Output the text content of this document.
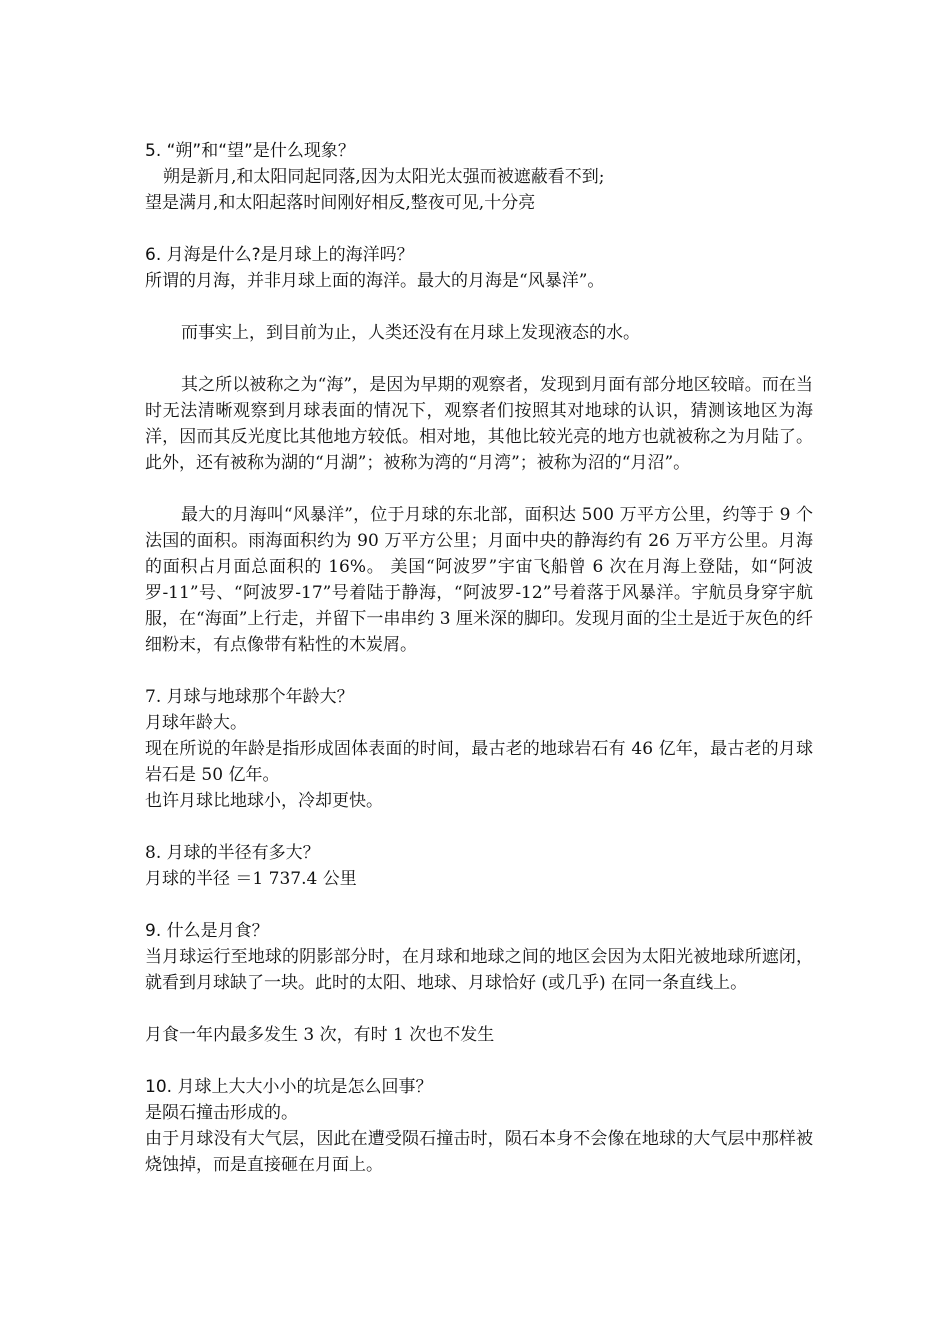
5. “朔”和“望”是什么现象？
朔是新月,和太阳同起同落,因为太阳光太强而被遮蔽看不到;
望是满月,和太阳起落时间刚好相反,整夜可见,十分亮
6. 月海是什么?是月球上的海洋吗？
所谓的月海，并非月球上面的海洋。最大的月海是“风暴洋”。
而事实上，到目前为止，人类还没有在月球上发现液态的水。
其之所以被称之为“海”，是因为早期的观察者，发现到月面有部分地区较暗。而在当时无法清晰观察到月球表面的情况下，观察者们按照其对地球的认识，猜测该地区为海洋，因而其反光度比其他地方较低。相对地，其他比较光亮的地方也就被称之为月陆了。此外，还有被称为湖的“月湖”；被称为湾的“月湾”；被称为沼的“月沼”。
最大的月海叫“风暴洋”，位于月球的东北部，面积达 500 万平方公里，约等于 9 个法国的面积。雨海面积约为 90 万平方公里；月面中央的静海约有 26 万平方公里。月海的面积占月面总面积的 16%。 美国“阿波罗”宇宙飞船曾 6 次在月海上登陆，如“阿波罗-11”号、“阿波罗-17”号着陆于静海，“阿波罗-12”号着落于风暴洋。宇航员身穿宇航服，在“海面”上行走，并留下一串串约 3 厘米深的脚印。发现月面的尘土是近于灰色的纤细粉末，有点像带有粘性的木炭屑。
7. 月球与地球那个年龄大？
月球年龄大。
现在所说的年龄是指形成固体表面的时间，最古老的地球岩石有 46 亿年，最古老的月球岩石是 50 亿年。
也许月球比地球小，冷却更快。
8. 月球的半径有多大？
月球的半径 ＝1 737.4 公里
9. 什么是月食？
当月球运行至地球的阴影部分时，在月球和地球之间的地区会因为太阳光被地球所遮闭，就看到月球缺了一块。此时的太阳、地球、月球恰好 (或几乎) 在同一条直线上。
月食一年内最多发生 3 次，有时 1 次也不发生
10. 月球上大大小小的坑是怎么回事？
是陨石撞击形成的。
由于月球没有大气层，因此在遭受陨石撞击时，陨石本身不会像在地球的大气层中那样被烧蚀掉，而是直接砸在月面上。
